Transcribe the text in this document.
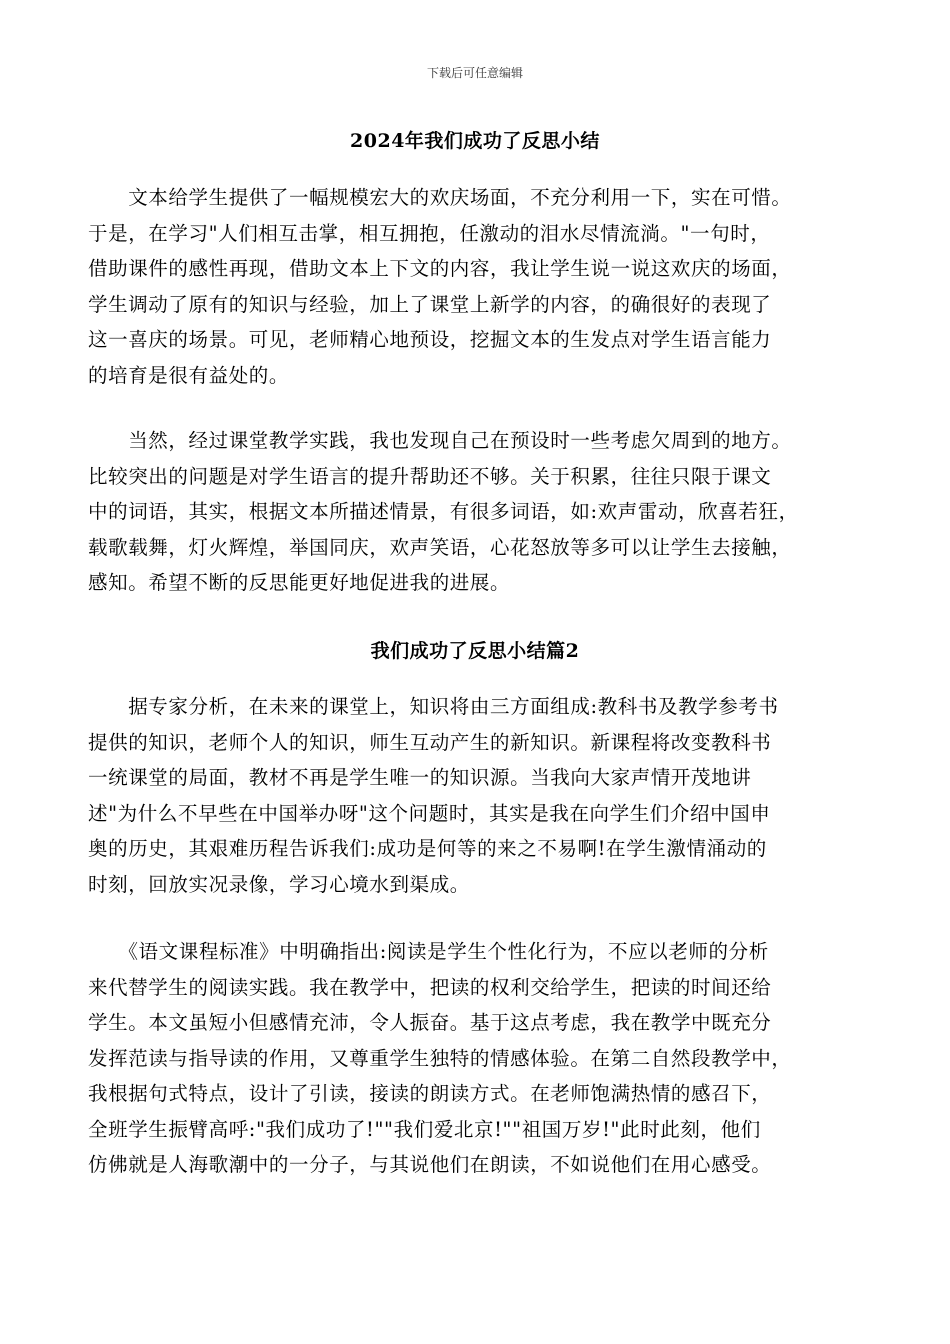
下载后可任意编辑
2024年我们成功了反思小结
　　文本给学生提供了一幅规模宏大的欢庆场面，不充分利用一下，实在可惜。
于是，在学习"人们相互击掌，相互拥抱，任激动的泪水尽情流淌。"一句时，
借助课件的感性再现，借助文本上下文的内容，我让学生说一说这欢庆的场面，
学生调动了原有的知识与经验，加上了课堂上新学的内容，的确很好的表现了
这一喜庆的场景。可见，老师精心地预设，挖掘文本的生发点对学生语言能力
的培育是很有益处的。
　　当然，经过课堂教学实践，我也发现自己在预设时一些考虑欠周到的地方。
比较突出的问题是对学生语言的提升帮助还不够。关于积累，往往只限于课文
中的词语，其实，根据文本所描述情景，有很多词语，如:欢声雷动，欣喜若狂，
载歌载舞，灯火辉煌，举国同庆，欢声笑语，心花怒放等多可以让学生去接触，
感知。希望不断的反思能更好地促进我的进展。
我们成功了反思小结篇2
　　据专家分析，在未来的课堂上，知识将由三方面组成:教科书及教学参考书
提供的知识，老师个人的知识，师生互动产生的新知识。新课程将改变教科书
一统课堂的局面，教材不再是学生唯一的知识源。当我向大家声情开茂地讲
述"为什么不早些在中国举办呀"这个问题时，其实是我在向学生们介绍中国申
奥的历史，其艰难历程告诉我们:成功是何等的来之不易啊!在学生激情涌动的
时刻，回放实况录像，学习心境水到渠成。
　　《语文课程标准》中明确指出:阅读是学生个性化行为，不应以老师的分析
来代替学生的阅读实践。我在教学中，把读的权利交给学生，把读的时间还给
学生。本文虽短小但感情充沛，令人振奋。基于这点考虑，我在教学中既充分
发挥范读与指导读的作用，又尊重学生独特的情感体验。在第二自然段教学中，
我根据句式特点，设计了引读，接读的朗读方式。在老师饱满热情的感召下，
全班学生振臂高呼:"我们成功了!""我们爱北京!""祖国万岁!"此时此刻，他们
仿佛就是人海歌潮中的一分子，与其说他们在朗读，不如说他们在用心感受。
